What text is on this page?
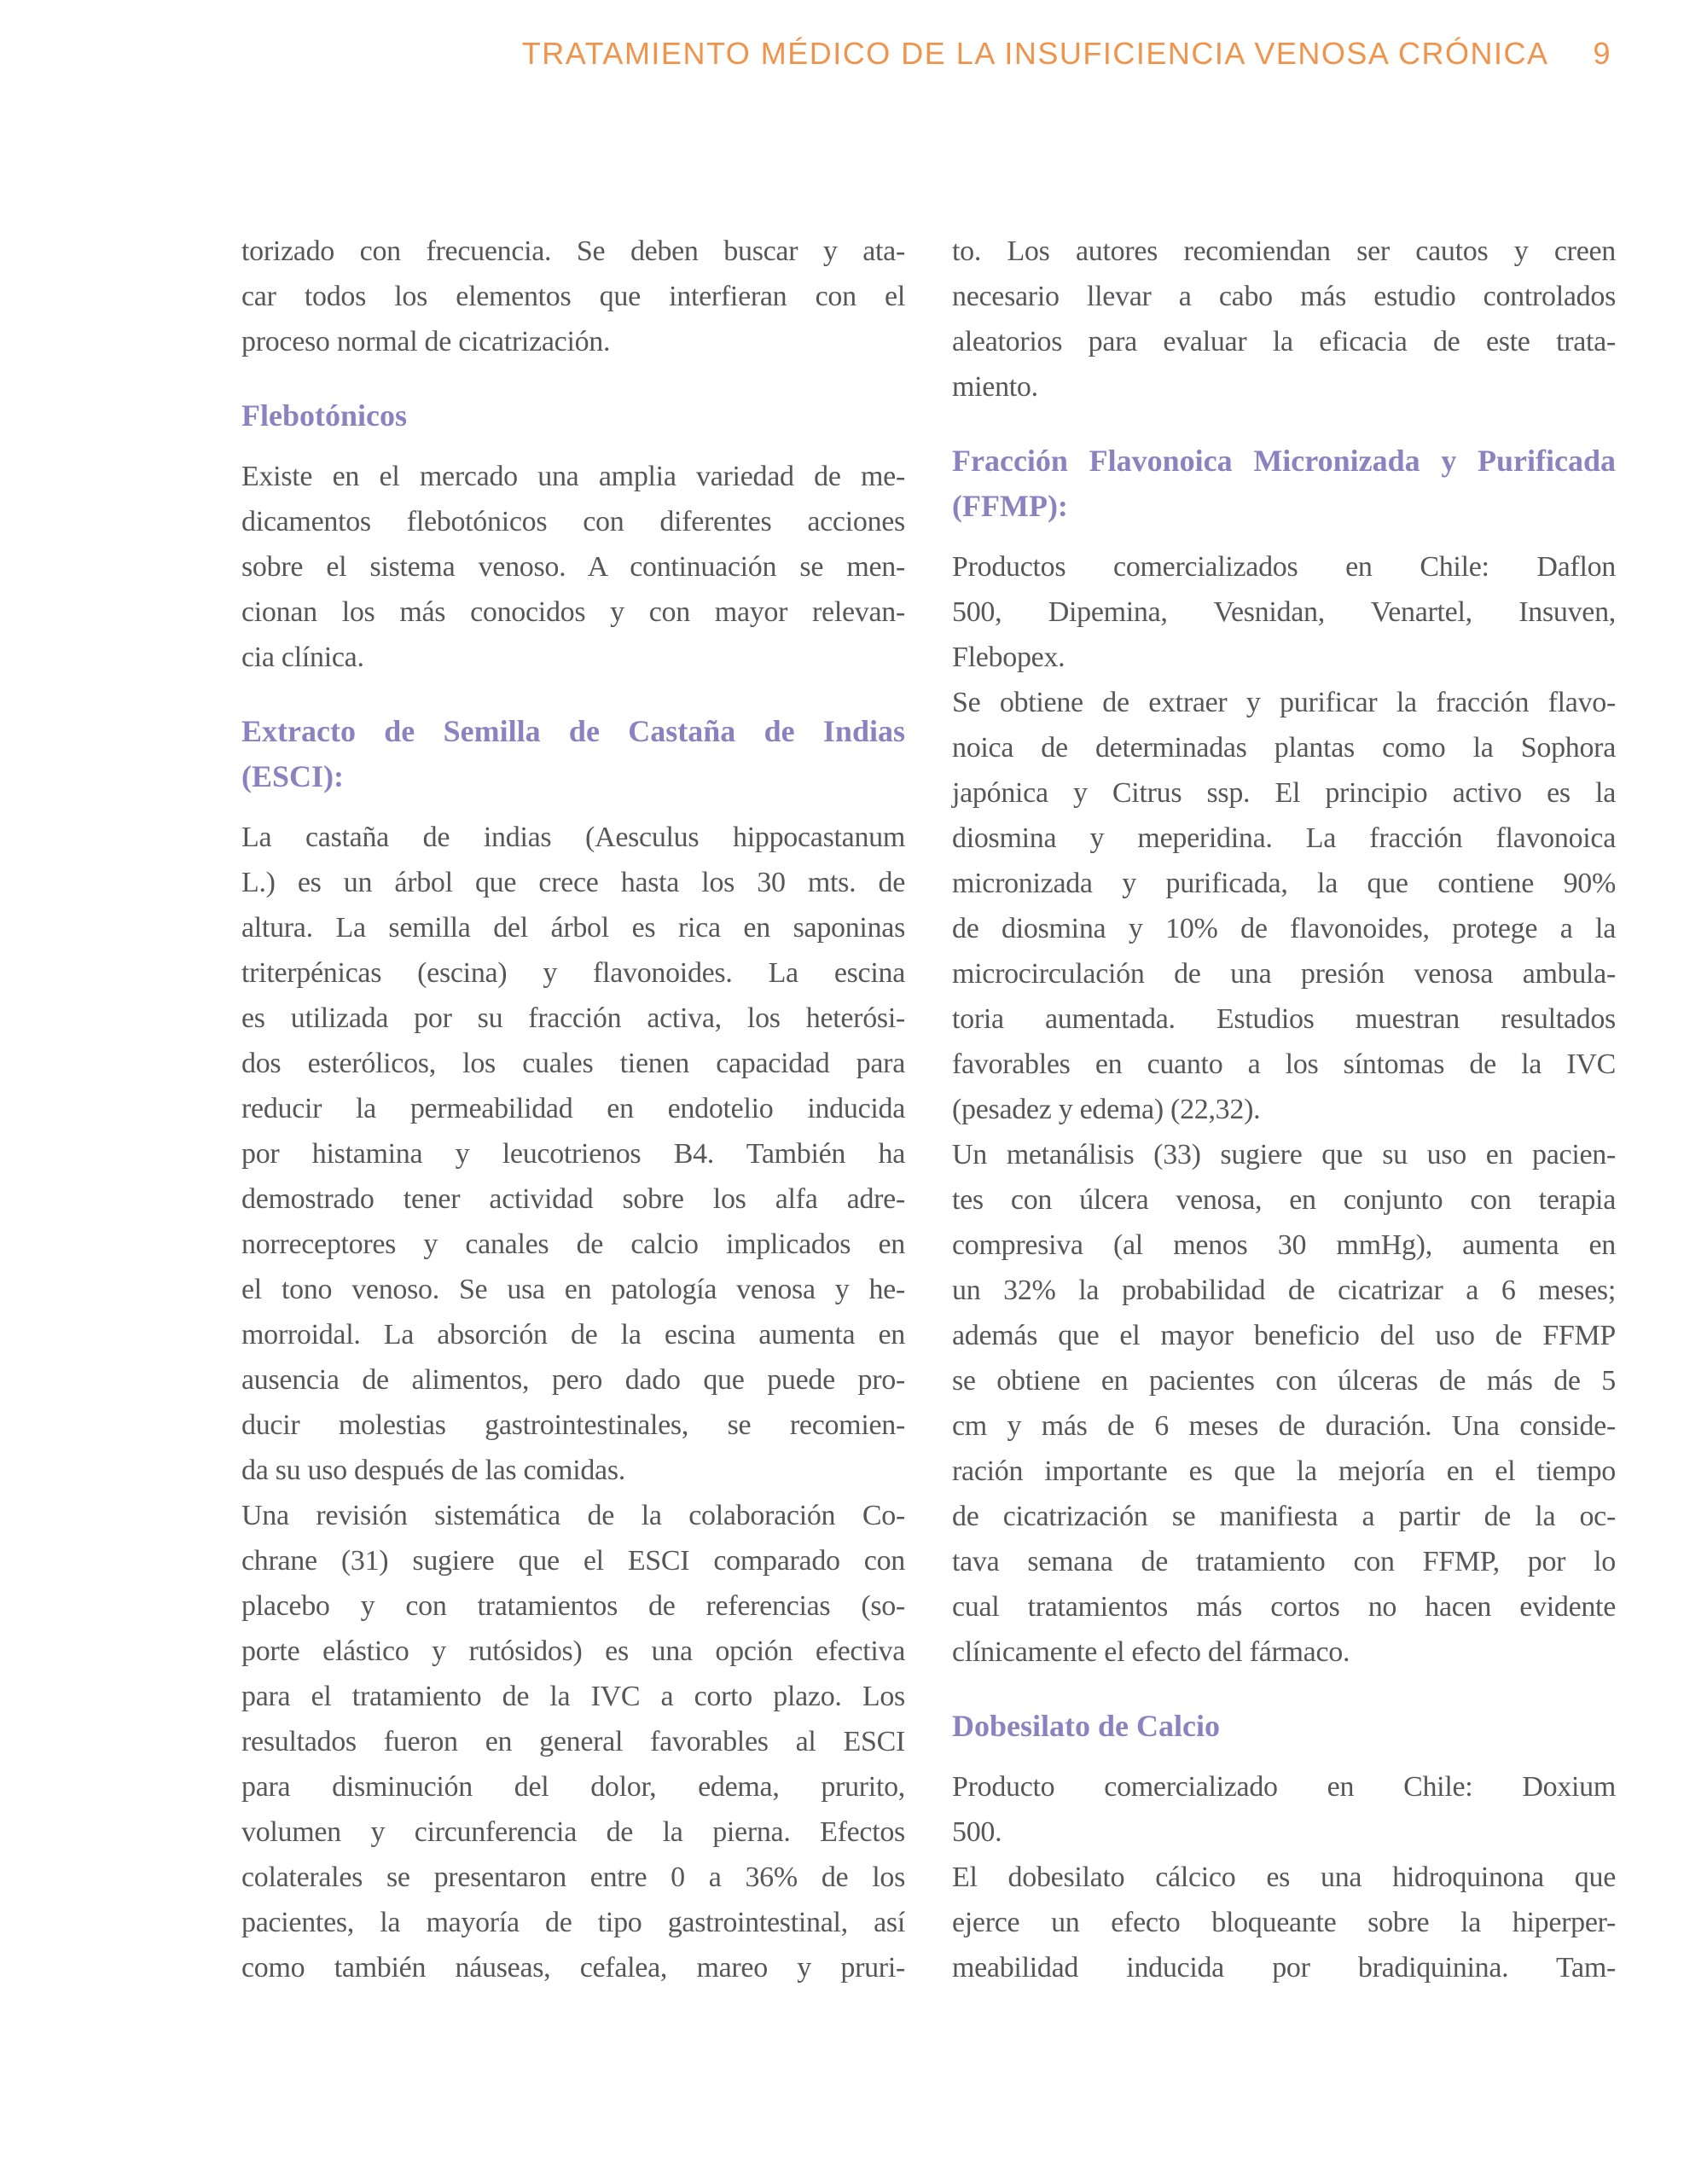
TRATAMIENTO MÉDICO DE LA INSUFICIENCIA VENOSA CRÓNICA 9
torizado con frecuencia. Se deben buscar y ata-
car todos los elementos que interfieran con el
proceso normal de cicatrización.
Flebotónicos
Existe en el mercado una amplia variedad de me-
dicamentos flebotónicos con diferentes acciones
sobre el sistema venoso. A continuación se men-
cionan los más conocidos y con mayor relevan-
cia clínica.
Extracto de Semilla de Castaña de Indias
(ESCI):
La castaña de indias (Aesculus hippocastanum
L.) es un árbol que crece hasta los 30 mts. de
altura. La semilla del árbol es rica en saponinas
triterpénicas (escina) y flavonoides. La escina
es utilizada por su fracción activa, los heterósi-
dos esterólicos, los cuales tienen capacidad para
reducir la permeabilidad en endotelio inducida
por histamina y leucotrienos B4. También ha
demostrado tener actividad sobre los alfa adre-
norreceptores y canales de calcio implicados en
el tono venoso. Se usa en patología venosa y he-
morroidal. La absorción de la escina aumenta en
ausencia de alimentos, pero dado que puede pro-
ducir molestias gastrointestinales, se recomien-
da su uso después de las comidas.
Una revisión sistemática de la colaboración Co-
chrane (31) sugiere que el ESCI comparado con
placebo y con tratamientos de referencias (so-
porte elástico y rutósidos) es una opción efectiva
para el tratamiento de la IVC a corto plazo. Los
resultados fueron en general favorables al ESCI
para disminución del dolor, edema, prurito,
volumen y circunferencia de la pierna. Efectos
colaterales se presentaron entre 0 a 36% de los
pacientes, la mayoría de tipo gastrointestinal, así
como también náuseas, cefalea, mareo y pruri-
to. Los autores recomiendan ser cautos y creen
necesario llevar a cabo más estudio controlados
aleatorios para evaluar la eficacia de este trata-
miento.
Fracción Flavonoica Micronizada y Purificada
(FFMP):
Productos comercializados en Chile: Daflon
500, Dipemina, Vesnidan, Venartel, Insuven,
Flebopex.
Se obtiene de extraer y purificar la fracción flavo-
noica de determinadas plantas como la Sophora
japónica y Citrus ssp. El principio activo es la
diosmina y meperidina. La fracción flavonoica
micronizada y purificada, la que contiene 90%
de diosmina y 10% de flavonoides, protege a la
microcirculación de una presión venosa ambula-
toria aumentada. Estudios muestran resultados
favorables en cuanto a los síntomas de la IVC
(pesadez y edema) (22,32).
Un metanálisis (33) sugiere que su uso en pacien-
tes con úlcera venosa, en conjunto con terapia
compresiva (al menos 30 mmHg), aumenta en
un 32% la probabilidad de cicatrizar a 6 meses;
además que el mayor beneficio del uso de FFMP
se obtiene en pacientes con úlceras de más de 5
cm y más de 6 meses de duración. Una conside-
ración importante es que la mejoría en el tiempo
de cicatrización se manifiesta a partir de la oc-
tava semana de tratamiento con FFMP, por lo
cual tratamientos más cortos no hacen evidente
clínicamente el efecto del fármaco.
Dobesilato de Calcio
Producto comercializado en Chile: Doxium
500.
El dobesilato cálcico es una hidroquinona que
ejerce un efecto bloqueante sobre la hiperper-
meabilidad inducida por bradiquinina. Tam-
